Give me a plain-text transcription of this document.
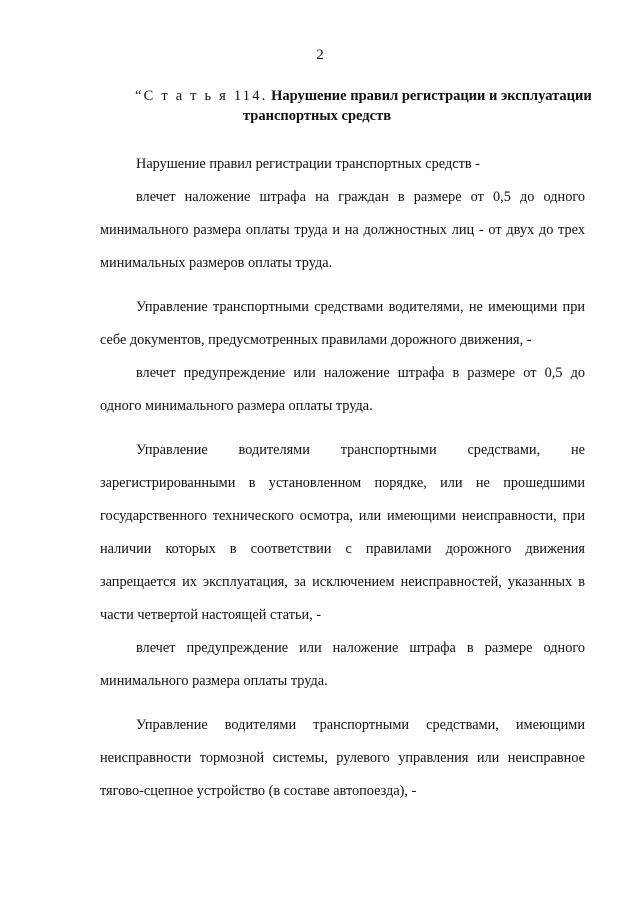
2
“С т а т ь я 114. Нарушение правил регистрации и эксплуатации
транспортных средств

Нарушение правил регистрации транспортных средств -

влечет наложение штрафа на граждан в размере от 0,5 до одного минимального размера оплаты труда и на должностных лиц - от двух до трех минимальных размеров оплаты труда.

Управление транспортными средствами водителями, не имеющими при себе документов, предусмотренных правилами дорожного движения, -

влечет предупреждение или наложение штрафа в размере от 0,5 до одного минимального размера оплаты труда.

Управление водителями транспортными средствами, не зарегистрированными в установленном порядке, или не прошедшими государственного технического осмотра, или имеющими неисправности, при наличии которых в соответствии с правилами дорожного движения запрещается их эксплуатация, за исключением неисправностей, указанных в части четвертой настоящей статьи, -

влечет предупреждение или наложение штрафа в размере одного минимального размера оплаты труда.

Управление водителями транспортными средствами, имеющими неисправности тормозной системы, рулевого управления или неисправное тягово-сцепное устройство (в составе автопоезда), -
